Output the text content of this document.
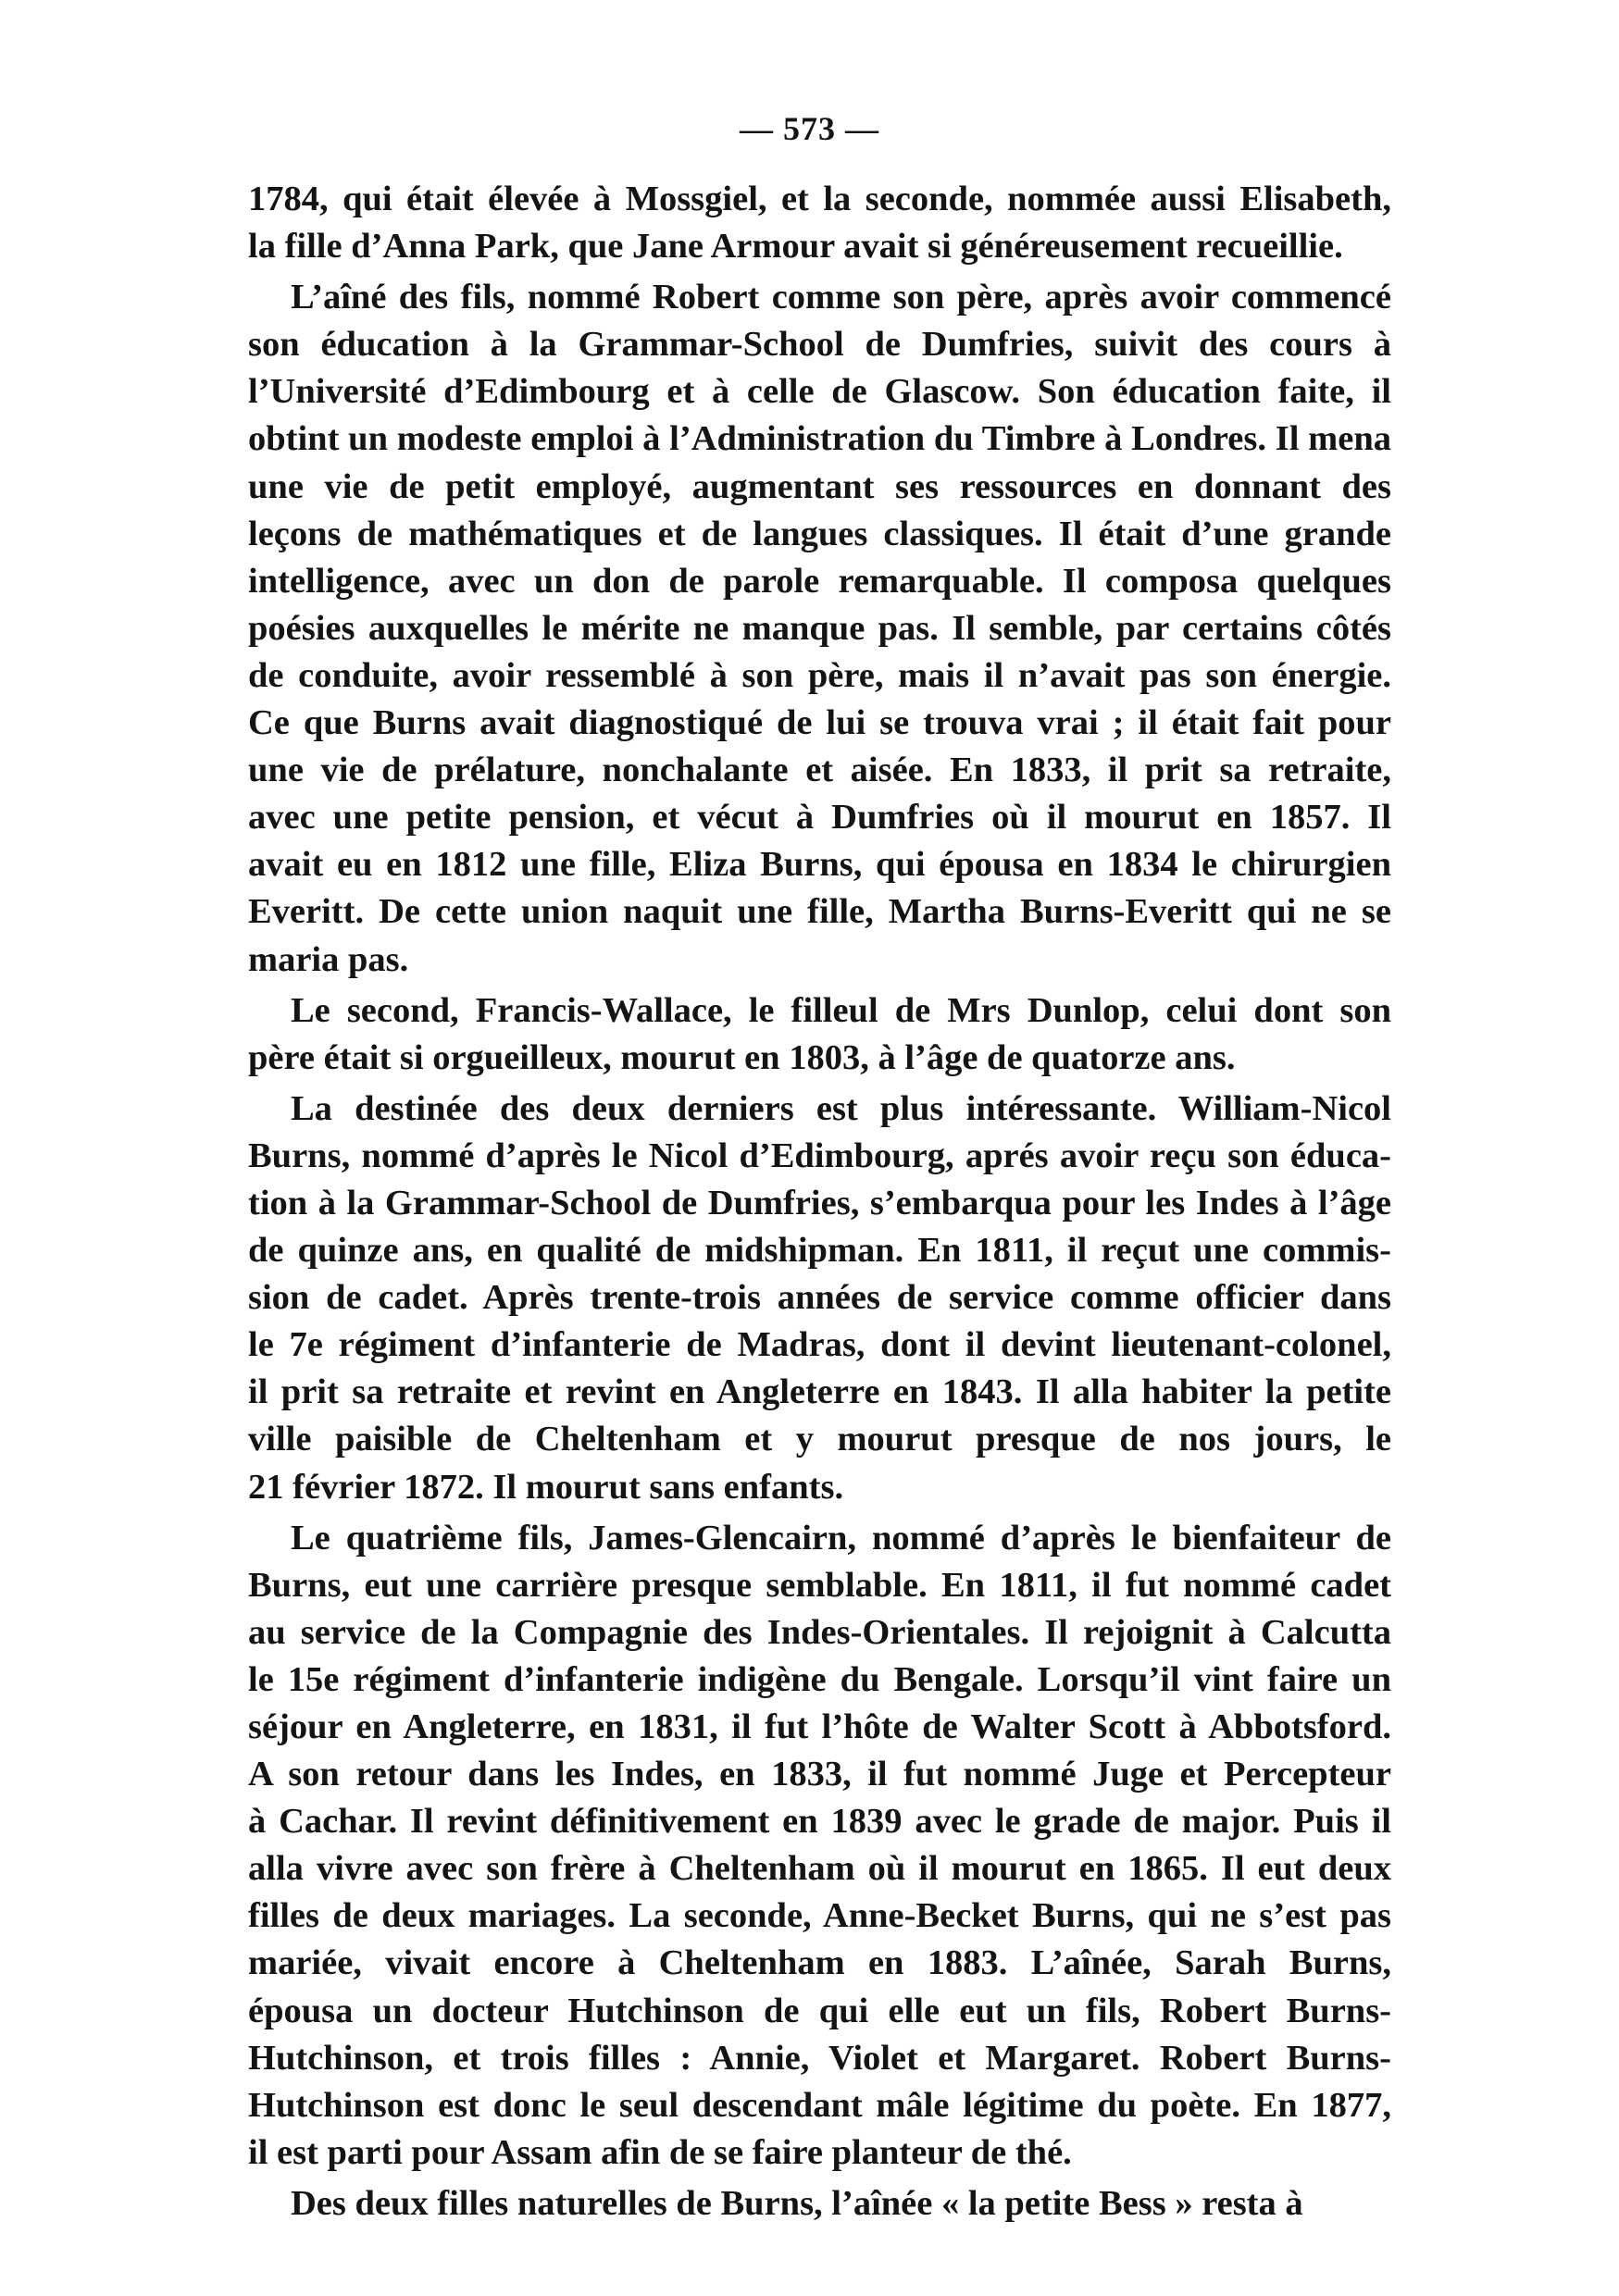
— 573 —
1784, qui était élevée à Mossgiel, et la seconde, nommée aussi Elisabeth,
la fille d’Anna Park, que Jane Armour avait si généreusement recueillie.
L’aîné des fils, nommé Robert comme son père, après avoir commencé
son éducation à la Grammar-School de Dumfries, suivit des cours à
l’Université d’Edimbourg et à celle de Glascow. Son éducation faite, il
obtint un modeste emploi à l’Administration du Timbre à Londres. Il mena
une vie de petit employé, augmentant ses ressources en donnant des
leçons de mathématiques et de langues classiques. Il était d’une grande
intelligence, avec un don de parole remarquable. Il composa quelques
poésies auxquelles le mérite ne manque pas. Il semble, par certains côtés
de conduite, avoir ressemblé à son père, mais il n’avait pas son énergie.
Ce que Burns avait diagnostiqué de lui se trouva vrai ; il était fait pour
une vie de prélature, nonchalante et aisée. En 1833, il prit sa retraite,
avec une petite pension, et vécut à Dumfries où il mourut en 1857. Il
avait eu en 1812 une fille, Eliza Burns, qui épousa en 1834 le chirurgien
Everitt. De cette union naquit une fille, Martha Burns-Everitt qui ne se
maria pas.
Le second, Francis-Wallace, le filleul de Mrs Dunlop, celui dont son
père était si orgueilleux, mourut en 1803, à l’âge de quatorze ans.
La destinée des deux derniers est plus intéressante. William-Nicol
Burns, nommé d’après le Nicol d’Edimbourg, aprés avoir reçu son éduca-
tion à la Grammar-School de Dumfries, s’embarqua pour les Indes à l’âge
de quinze ans, en qualité de midshipman. En 1811, il reçut une commis-
sion de cadet. Après trente-trois années de service comme officier dans
le 7e régiment d’infanterie de Madras, dont il devint lieutenant-colonel,
il prit sa retraite et revint en Angleterre en 1843. Il alla habiter la petite
ville paisible de Cheltenham et y mourut presque de nos jours, le
21 février 1872. Il mourut sans enfants.
Le quatrième fils, James-Glencairn, nommé d’après le bienfaiteur de
Burns, eut une carrière presque semblable. En 1811, il fut nommé cadet
au service de la Compagnie des Indes-Orientales. Il rejoignit à Calcutta
le 15e régiment d’infanterie indigène du Bengale. Lorsqu’il vint faire un
séjour en Angleterre, en 1831, il fut l’hôte de Walter Scott à Abbotsford.
A son retour dans les Indes, en 1833, il fut nommé Juge et Percepteur
à Cachar. Il revint définitivement en 1839 avec le grade de major. Puis il
alla vivre avec son frère à Cheltenham où il mourut en 1865. Il eut deux
filles de deux mariages. La seconde, Anne-Becket Burns, qui ne s’est pas
mariée, vivait encore à Cheltenham en 1883. L’aînée, Sarah Burns,
épousa un docteur Hutchinson de qui elle eut un fils, Robert Burns-
Hutchinson, et trois filles : Annie, Violet et Margaret. Robert Burns-
Hutchinson est donc le seul descendant mâle légitime du poète. En 1877,
il est parti pour Assam afin de se faire planteur de thé.
Des deux filles naturelles de Burns, l’aînée « la petite Bess » resta à
